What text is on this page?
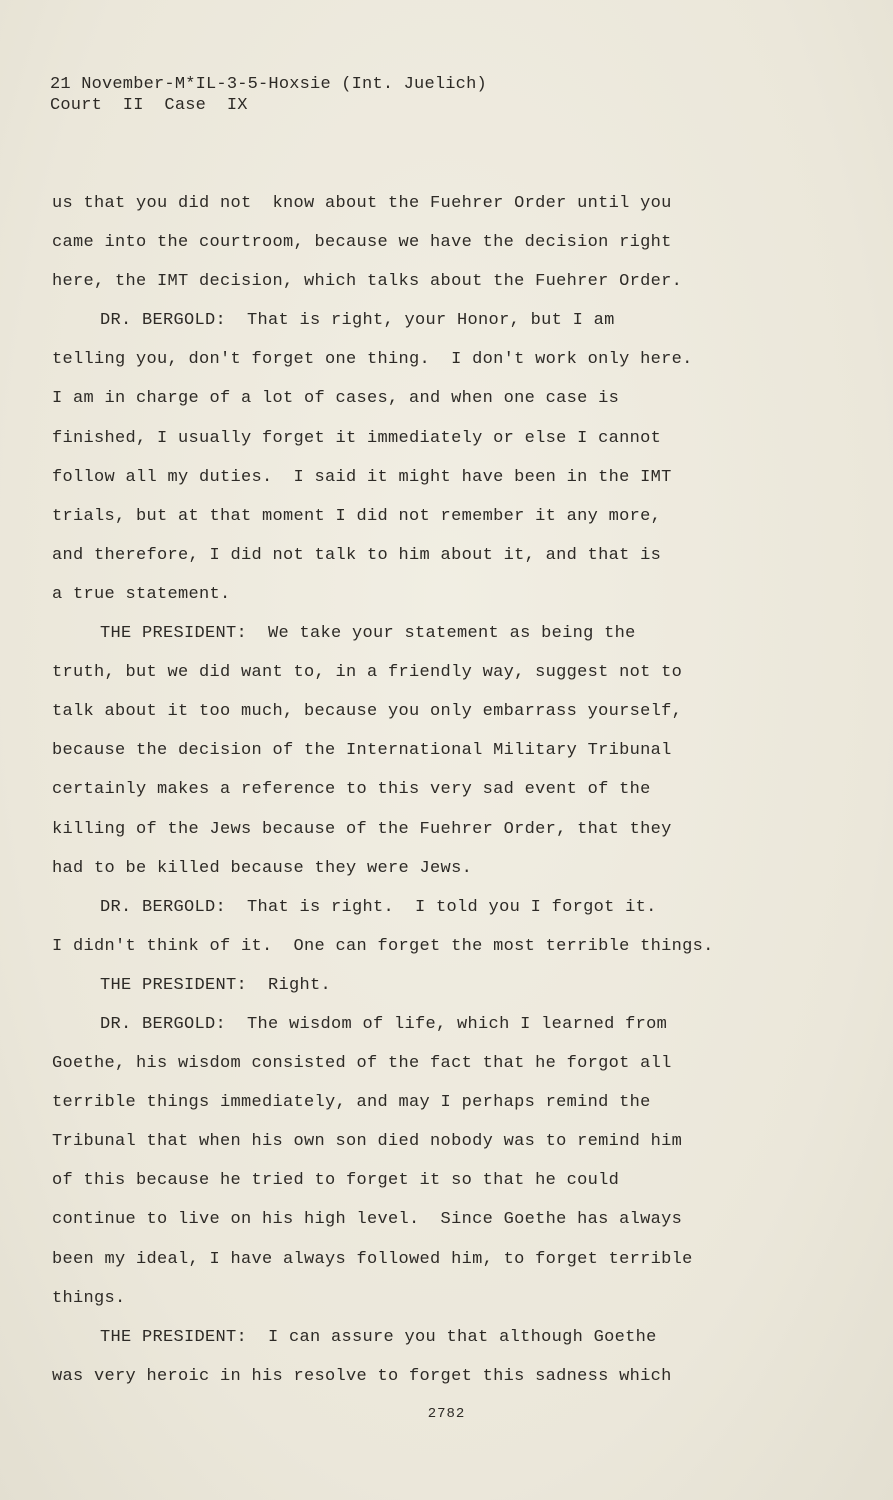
21 November-M*IL-3-5-Hoxsie (Int. Juelich)
Court  II  Case  IX
us that you did not  know about the Fuehrer Order until you
came into the courtroom, because we have the decision right
here, the IMT decision, which talks about the Fuehrer Order.
DR. BERGOLD:  That is right, your Honor, but I am
telling you, don't forget one thing.  I don't work only here.
I am in charge of a lot of cases, and when one case is
finished, I usually forget it immediately or else I cannot
follow all my duties.  I said it might have been in the IMT
trials, but at that moment I did not remember it any more,
and therefore, I did not talk to him about it, and that is
a true statement.
THE PRESIDENT:  We take your statement as being the
truth, but we did want to, in a friendly way, suggest not to
talk about it too much, because you only embarrass yourself,
because the decision of the International Military Tribunal
certainly makes a reference to this very sad event of the
killing of the Jews because of the Fuehrer Order, that they
had to be killed because they were Jews.
DR. BERGOLD:  That is right.  I told you I forgot it.
I didn't think of it.  One can forget the most terrible things.
THE PRESIDENT:  Right.
DR. BERGOLD:  The wisdom of life, which I learned from
Goethe, his wisdom consisted of the fact that he forgot all
terrible things immediately, and may I perhaps remind the
Tribunal that when his own son died nobody was to remind him
of this because he tried to forget it so that he could
continue to live on his high level.  Since Goethe has always
been my ideal, I have always followed him, to forget terrible
things.
THE PRESIDENT:  I can assure you that although Goethe
was very heroic in his resolve to forget this sadness which
2782
